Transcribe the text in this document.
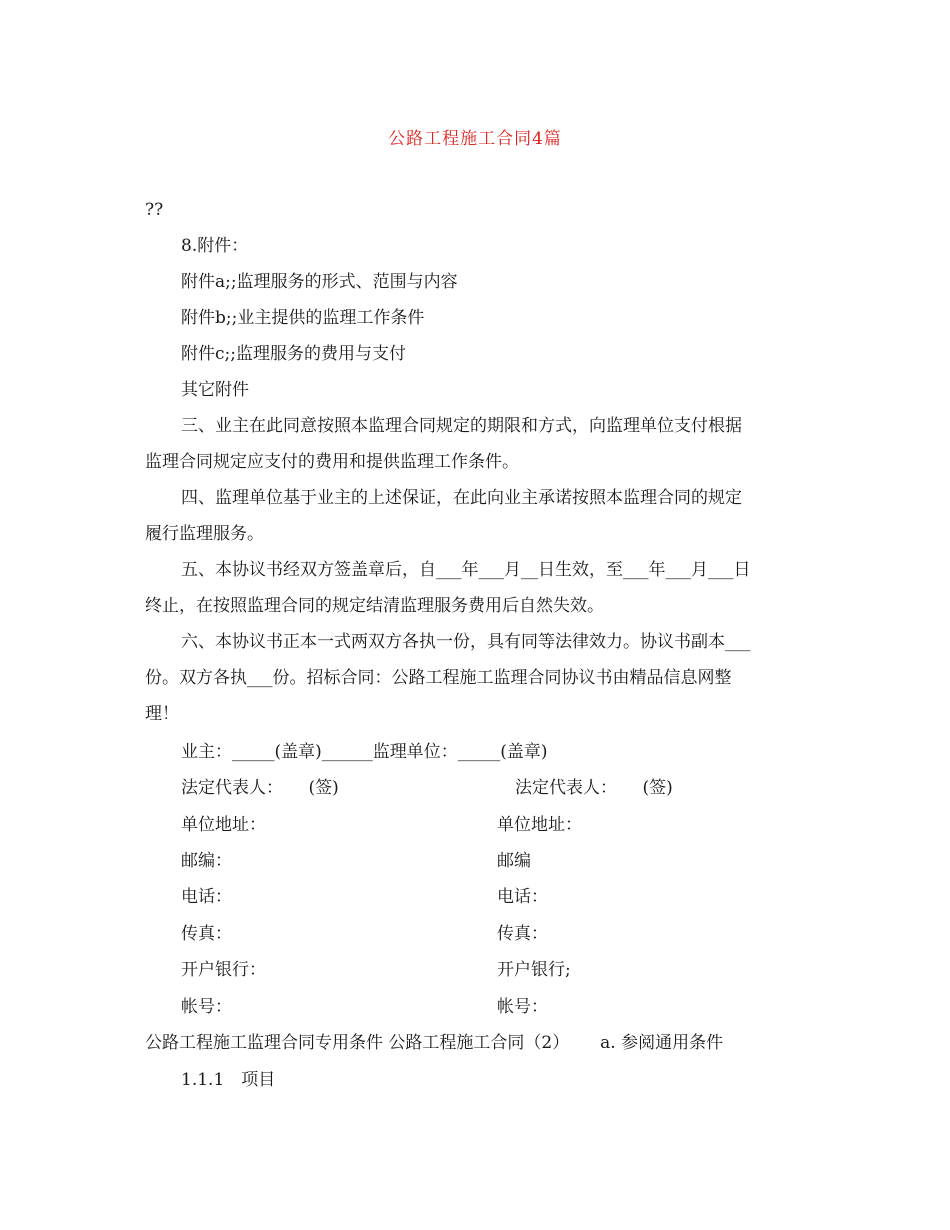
公路工程施工合同4篇
??
8.附件：
附件a;;监理服务的形式、范围与内容
附件b;;业主提供的监理工作条件
附件c;;监理服务的费用与支付
其它附件
三、业主在此同意按照本监理合同规定的期限和方式，向监理单位支付根据
监理合同规定应支付的费用和提供监理工作条件。
四、监理单位基于业主的上述保证，在此向业主承诺按照本监理合同的规定
履行监理服务。
五、本协议书经双方签盖章后，自___年___月__日生效，至___年___月___日
终止，在按照监理合同的规定结清监理服务费用后自然失效。
六、本协议书正本一式两双方各执一份，具有同等法律效力。协议书副本___
份。双方各执___份。招标合同：公路工程施工监理合同协议书由精品信息网整
理！
业主：_____(盖章)______监理单位：_____(盖章)
法定代表人：　　(签)	法定代表人：　　(签)
单位地址：	单位地址：
邮编：	邮编
电话：	电话：
传真：	传真：
开户银行：	开户银行;
帐号：	帐号：
公路工程施工监理合同专用条件 公路工程施工合同（2）　　 a. 参阅通用条件
1.1.1　项目
